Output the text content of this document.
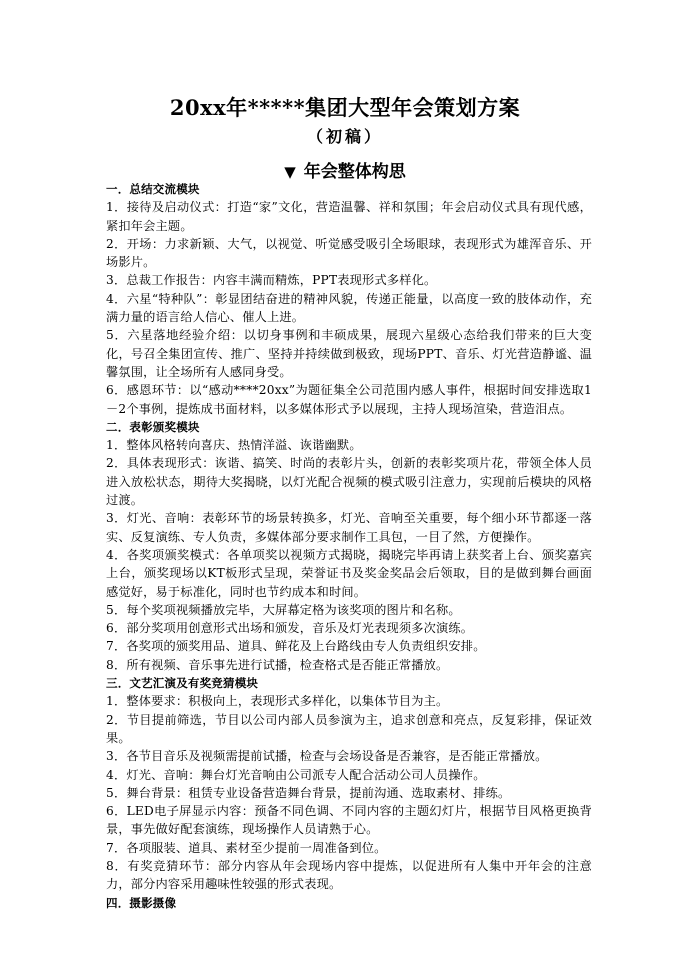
20xx年*****集团大型年会策划方案
（初稿）
▼ 年会整体构思

一．总结交流模块

1．接待及启动仪式：打造“家”文化，营造温馨、祥和氛围；年会启动仪式具有现代感，紧扣年会主题。

2．开场：力求新颖、大气，以视觉、听觉感受吸引全场眼球，表现形式为雄浑音乐、开场影片。

3．总裁工作报告：内容丰满而精炼，PPT表现形式多样化。

4．六星“特种队”：彰显团结奋进的精神风貌，传递正能量，以高度一致的肢体动作，充满力量的语言给人信心、催人上进。

5．六星落地经验介绍：以切身事例和丰硕成果，展现六星级心态给我们带来的巨大变化，号召全集团宣传、推广、坚持并持续做到极致，现场PPT、音乐、灯光营造静谧、温馨氛围，让全场所有人感同身受。

6．感恩环节：以“感动****20xx”为题征集全公司范围内感人事件，根据时间安排选取1－2个事例，提炼成书面材料，以多媒体形式予以展现，主持人现场渲染，营造泪点。

二．表彰颁奖模块

1．整体风格转向喜庆、热情洋溢、诙谐幽默。

2．具体表现形式：诙谐、搞笑、时尚的表彰片头，创新的表彰奖项片花，带领全体人员进入放松状态，期待大奖揭晓，以灯光配合视频的模式吸引注意力，实现前后模块的风格过渡。

3．灯光、音响：表彰环节的场景转换多，灯光、音响至关重要，每个细小环节都逐一落实、反复演练、专人负责，多媒体部分要求制作工具包，一目了然，方便操作。

4．各奖项颁奖模式：各单项奖以视频方式揭晓，揭晓完毕再请上获奖者上台、颁奖嘉宾上台，颁奖现场以KT板形式呈现，荣誉证书及奖金奖品会后领取，目的是做到舞台画面感觉好，易于标准化，同时也节约成本和时间。

5．每个奖项视频播放完毕，大屏幕定格为该奖项的图片和名称。

6．部分奖项用创意形式出场和颁发，音乐及灯光表现须多次演练。

7．各奖项的颁奖用品、道具、鲜花及上台路线由专人负责组织安排。

8．所有视频、音乐事先进行试播，检查格式是否能正常播放。

三．文艺汇演及有奖竞猜模块

1．整体要求：积极向上，表现形式多样化，以集体节目为主。

2．节目提前筛选，节目以公司内部人员参演为主，追求创意和亮点，反复彩排，保证效果。

3．各节目音乐及视频需提前试播，检查与会场设备是否兼容，是否能正常播放。

4．灯光、音响：舞台灯光音响由公司派专人配合活动公司人员操作。

5．舞台背景：租赁专业设备营造舞台背景，提前沟通、选取素材、排练。

6．LED电子屏显示内容：预备不同色调、不同内容的主题幻灯片，根据节目风格更换背景，事先做好配套演练，现场操作人员请熟于心。

7．各项服装、道具、素材至少提前一周准备到位。

8．有奖竞猜环节：部分内容从年会现场内容中提炼，以促进所有人集中开年会的注意力，部分内容采用趣味性较强的形式表现。

四．摄影摄像
